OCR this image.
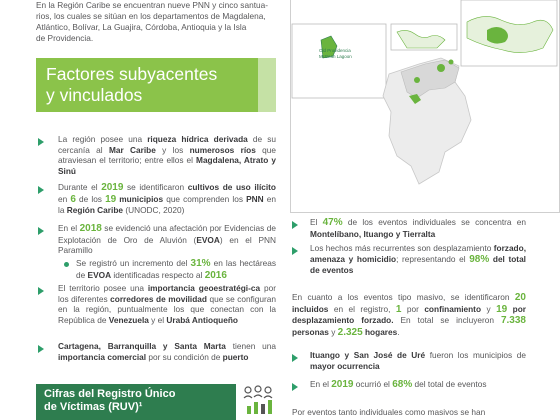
En la Región Caribe se encuentran nueve PNN y cinco santua-
rios, los cuales se sitúan en los departamentos de Magdalena,
Atlántico, Bolívar, La Guajira, Córdoba, Antioquia y la Isla
de Providencia.
Factores subyacentes
y vinculados
La región posee una riqueza hídrica derivada de su cercanía al Mar Caribe y los numerosos ríos que atraviesan el territorio; entre ellos el Magdalena, Atrato y Sinú
Durante el 2019 se identificaron cultivos de uso ilícito en 6 de los 19 municipios que comprenden los PNN en la Región Caribe (UNODC, 2020)
En el 2018 se evidenció una afectación por Evidencias de Explotación de Oro de Aluvión (EVOA) en el PNN Paramillo
Se registró un incremento del 31% en las hectáreas de EVOA identificadas respecto al 2016
El territorio posee una importancia geoestratégi-ca por los diferentes corredores de movilidad que se configuran en la región, puntualmente los que conectan con la República de Venezuela y el Urabá Antioqueño
Cartagena, Barranquilla y Santa Marta tienen una importancia comercial por su condición de puerto
Cifras del Registro Único
de Víctimas (RUV)¹
Old Providencia
McBean Lagoon
El 47% de los eventos individuales se concentra en Montelíbano, Ituango y Tierralta
Los hechos más recurrentes son desplazamiento forzado, amenaza y homicidio; representando el 98% del total de eventos
En cuanto a los eventos tipo masivo, se identificaron 20 incluidos en el registro, 1 por confinamiento y 19 por desplazamiento forzado. En total se incluyeron 7.338 personas y 2.325 hogares.
Ituango y San José de Uré fueron los municipios de mayor ocurrencia
En el 2019 ocurrió el 68% del total de eventos
Por eventos tanto individuales como masivos se han
